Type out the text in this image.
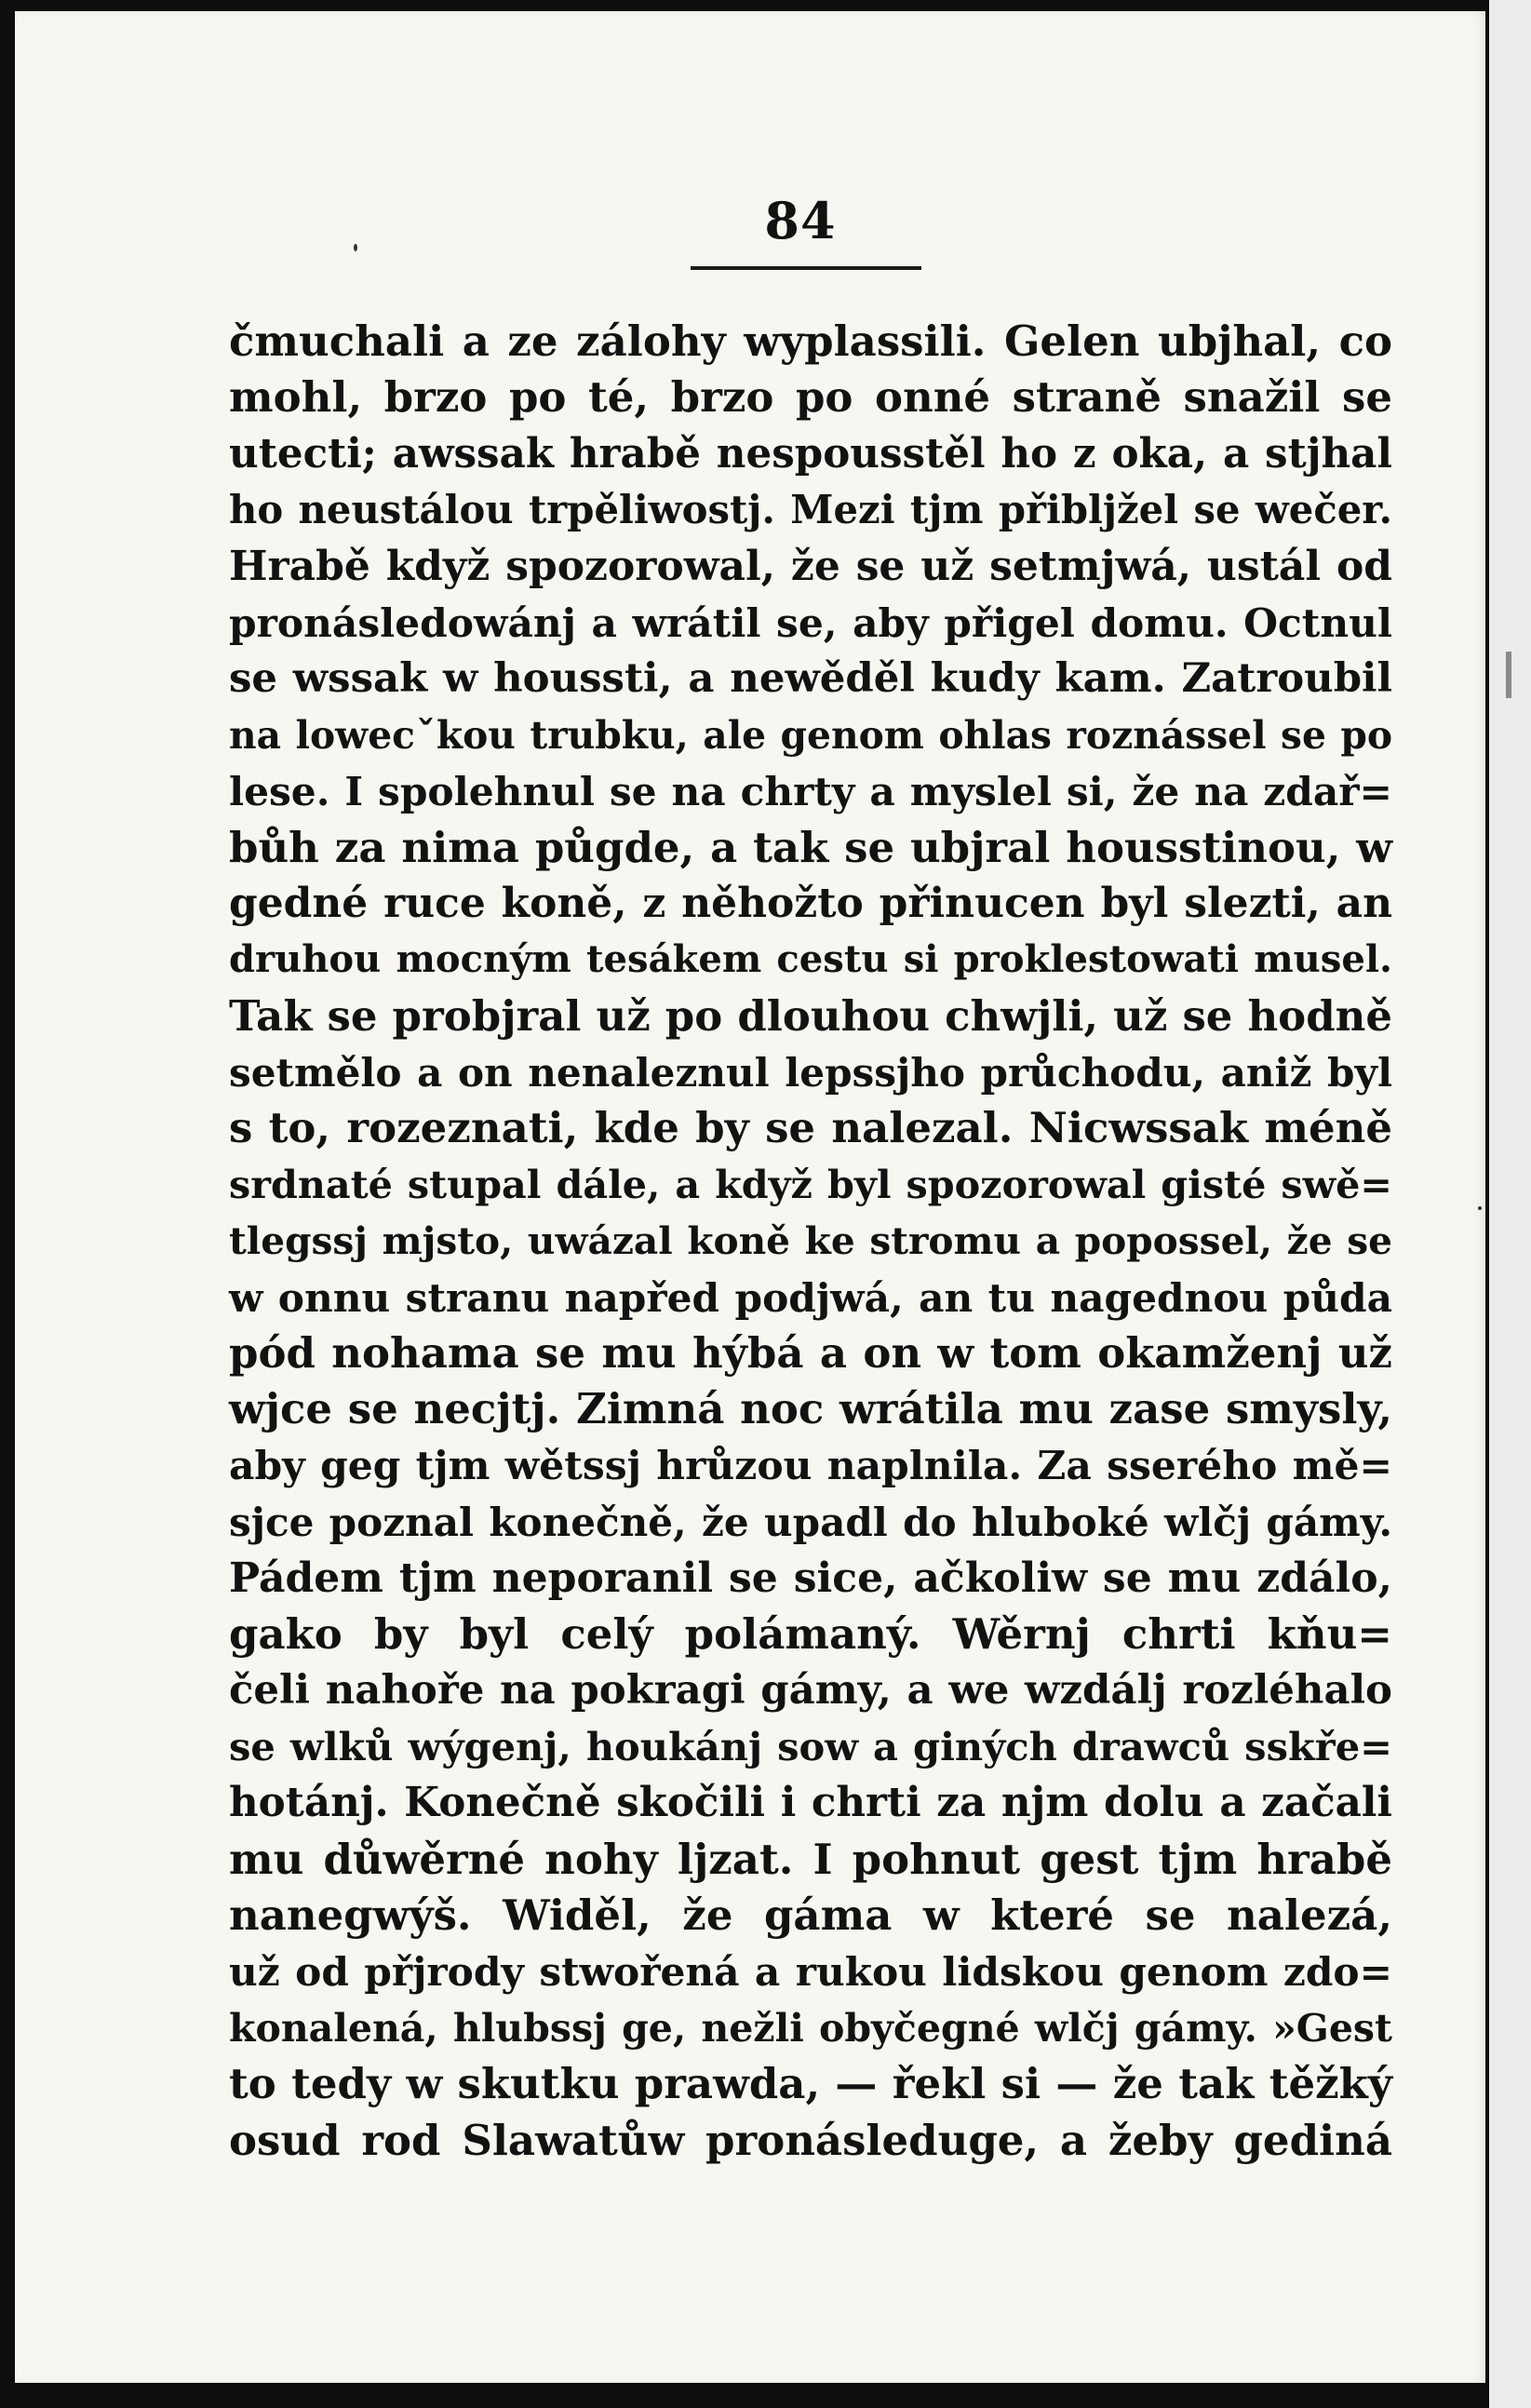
84
čmuchali a ze zálohy wyplassili. Gelen ubjhal, co
mohl, brzo po té, brzo po onné straně snažil se
utecti; awssak hrabě nespousstěl ho z oka, a stjhal
ho neustálou trpěliwostj. Mezi tjm přibljžel se wečer.
Hrabě když spozorowal, že se už setmjwá, ustál od
pronásledowánj a wrátil se, aby přigel domu. Octnul
se wssak w houssti, a newěděl kudy kam. Zatroubil
na lowecˇkou trubku, ale genom ohlas roznássel se po
lese. I spolehnul se na chrty a myslel si, že na zdař=
bůh za nima půgde, a tak se ubjral housstinou, w
gedné ruce koně, z něhožto přinucen byl slezti, an
druhou mocným tesákem cestu si proklestowati musel.
Tak se probjral už po dlouhou chwjli, už se hodně
setmělo a on nenaleznul lepssjho průchodu, aniž byl
s to, rozeznati, kde by se nalezal. Nicwssak méně
srdnaté stupal dále, a když byl spozorowal gisté swě=
tlegssj mjsto, uwázal koně ke stromu a popossel, že se
w onnu stranu napřed podjwá, an tu nagednou půda
pód nohama se mu hýbá a on w tom okamženj už
wjce se necjtj. Zimná noc wrátila mu zase smysly,
aby geg tjm wětssj hrůzou naplnila. Za sserého mě=
sjce poznal konečně, že upadl do hluboké wlčj gámy.
Pádem tjm neporanil se sice, ačkoliw se mu zdálo,
gako by byl celý polámaný. Wěrnj chrti kňu=
čeli nahoře na pokragi gámy, a we wzdálj rozléhalo
se wlků wýgenj, houkánj sow a giných drawců sskře=
hotánj. Konečně skočili i chrti za njm dolu a začali
mu důwěrné nohy ljzat. I pohnut gest tjm hrabě
nanegwýš. Widěl, že gáma w které se nalezá,
už od přjrody stwořená a rukou lidskou genom zdo=
konalená, hlubssj ge, nežli obyčegné wlčj gámy. »Gest
to tedy w skutku prawda, — řekl si — že tak těžký
osud rod Slawatůw pronásleduge, a žeby gediná
